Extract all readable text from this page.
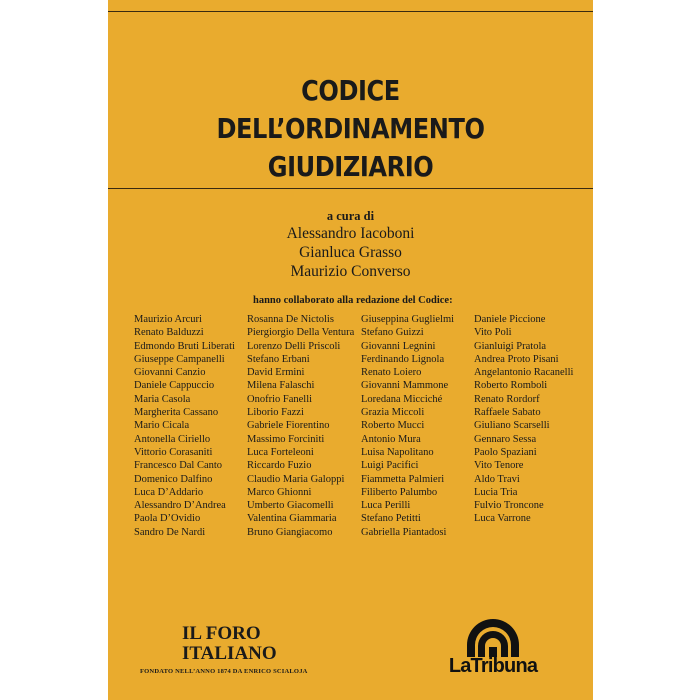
CODICE
DELL’ORDINAMENTO GIUDIZIARIO
a cura di
Alessandro Iacoboni
Gianluca Grasso
Maurizio Converso
hanno collaborato alla redazione del Codice:
Maurizio Arcuri
Renato Balduzzi
Edmondo Bruti Liberati
Giuseppe Campanelli
Giovanni Canzio
Daniele Cappuccio
Maria Casola
Margherita Cassano
Mario Cicala
Antonella Ciriello
Vittorio Corasaniti
Francesco Dal Canto
Domenico Dalfino
Luca D’Addario
Alessandro D’Andrea
Paola D’Ovidio
Sandro De Nardi
Rosanna De Nictolis
Piergiorgio Della Ventura
Lorenzo Delli Priscoli
Stefano Erbani
David Ermini
Milena Falaschi
Onofrio Fanelli
Liborio Fazzi
Gabriele Fiorentino
Massimo Forciniti
Luca Forteleoni
Riccardo Fuzio
Claudio Maria Galoppi
Marco Ghionni
Umberto Giacomelli
Valentina Giammaria
Bruno Giangiacomo
Giuseppina Guglielmi
Stefano Guizzi
Giovanni Legnini
Ferdinando Lignola
Renato Loiero
Giovanni Mammone
Loredana Micciché
Grazia Miccoli
Roberto Mucci
Antonio Mura
Luisa Napolitano
Luigi Pacifici
Fiammetta Palmieri
Filiberto Palumbo
Luca Perilli
Stefano Petitti
Gabriella Piantadosi
Daniele Piccione
Vito Poli
Gianluigi Pratola
Andrea Proto Pisani
Angelantonio Racanelli
Roberto Romboli
Renato Rordorf
Raffaele Sabato
Giuliano Scarselli
Gennaro Sessa
Paolo Spaziani
Vito Tenore
Aldo Travi
Lucia Tria
Fulvio Troncone
Luca Varrone
IL FORO
ITALIANO
FONDATO NELL’ANNO 1874 DA ENRICO SCIALOJA	LaTribuna
